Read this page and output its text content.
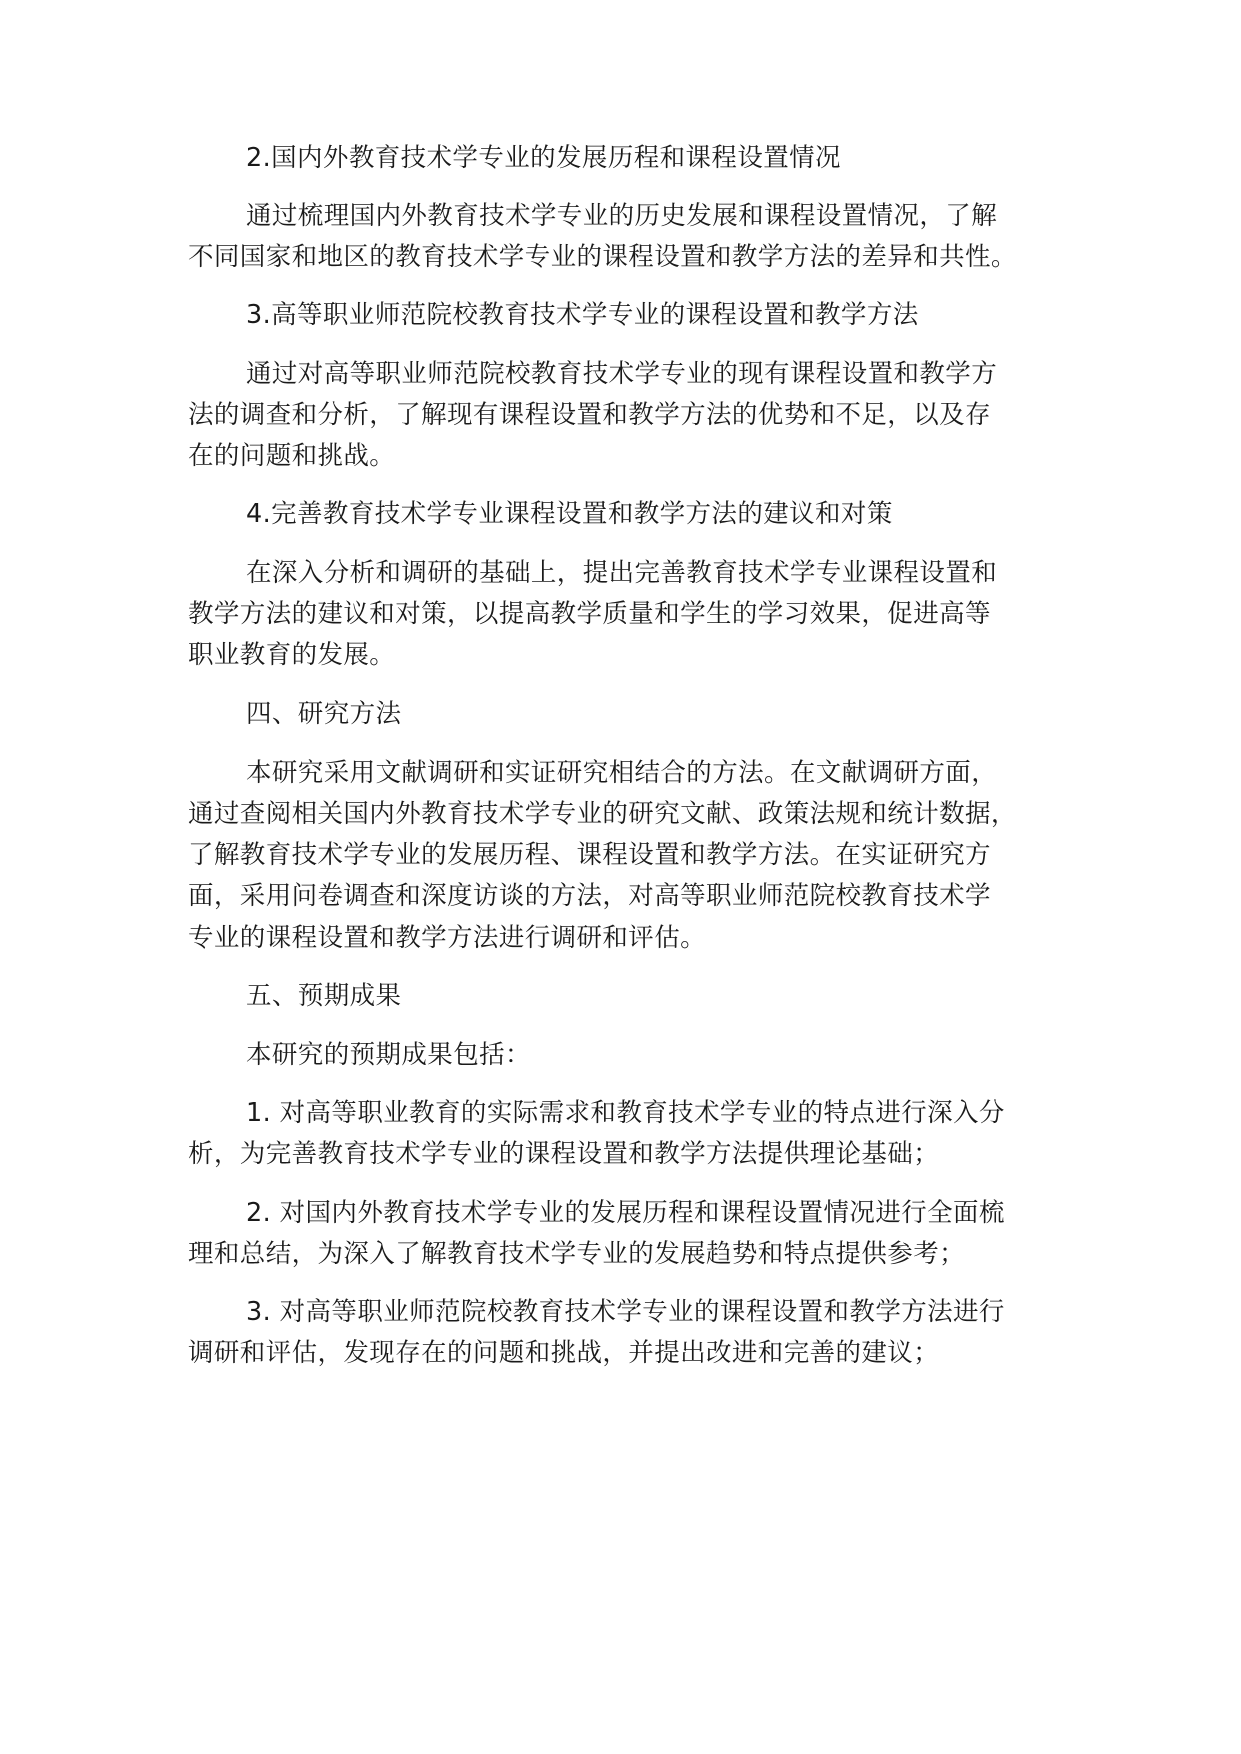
2.国内外教育技术学专业的发展历程和课程设置情况
通过梳理国内外教育技术学专业的历史发展和课程设置情况，了解
不同国家和地区的教育技术学专业的课程设置和教学方法的差异和共性。
3.高等职业师范院校教育技术学专业的课程设置和教学方法
通过对高等职业师范院校教育技术学专业的现有课程设置和教学方
法的调查和分析，了解现有课程设置和教学方法的优势和不足，以及存
在的问题和挑战。
4.完善教育技术学专业课程设置和教学方法的建议和对策
在深入分析和调研的基础上，提出完善教育技术学专业课程设置和
教学方法的建议和对策，以提高教学质量和学生的学习效果，促进高等
职业教育的发展。
四、研究方法
本研究采用文献调研和实证研究相结合的方法。在文献调研方面，
通过查阅相关国内外教育技术学专业的研究文献、政策法规和统计数据，
了解教育技术学专业的发展历程、课程设置和教学方法。在实证研究方
面，采用问卷调查和深度访谈的方法，对高等职业师范院校教育技术学
专业的课程设置和教学方法进行调研和评估。
五、预期成果
本研究的预期成果包括：
1. 对高等职业教育的实际需求和教育技术学专业的特点进行深入分
析，为完善教育技术学专业的课程设置和教学方法提供理论基础；
2. 对国内外教育技术学专业的发展历程和课程设置情况进行全面梳
理和总结，为深入了解教育技术学专业的发展趋势和特点提供参考；
3. 对高等职业师范院校教育技术学专业的课程设置和教学方法进行
调研和评估，发现存在的问题和挑战，并提出改进和完善的建议；
